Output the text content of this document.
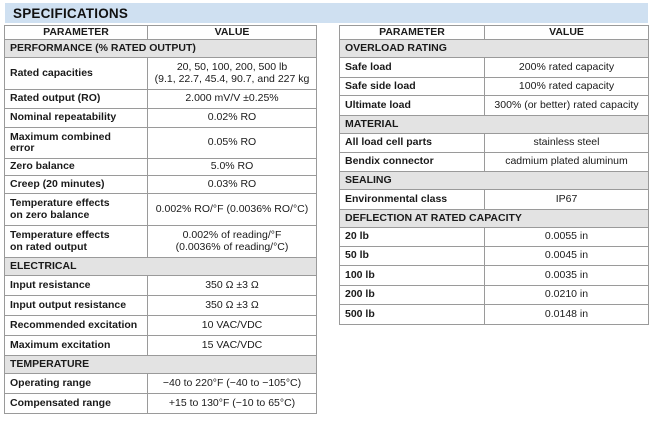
SPECIFICATIONS
PARAMETER	VALUE
PERFORMANCE (% RATED OUTPUT)	
Rated capacities	20, 50, 100, 200, 500 lb
(9.1, 22.7, 45.4, 90.7, and 227 kg
Rated output (RO)	2.000 mV/V ±0.25%
Nominal repeatability	0.02% RO
Maximum combined
error	0.05% RO
Zero balance	5.0% RO
Creep (20 minutes)	0.03% RO
Temperature effects
on zero balance	0.002% RO/°F (0.0036% RO/°C)
Temperature effects
on rated output	0.002% of reading/°F
(0.0036% of reading/°C)
ELECTRICAL	
Input resistance	350 Ω ±3 Ω
Input output resistance	350 Ω ±3 Ω
Recommended excitation	10 VAC/VDC
Maximum excitation	15 VAC/VDC
TEMPERATURE	
Operating range	−40 to 220°F (−40 to −105°C)
Compensated range	+15 to 130°F (−10 to 65°C)
PARAMETER	VALUE
OVERLOAD RATING	
Safe load	200% rated capacity
Safe side load	100% rated capacity
Ultimate load	300% (or better) rated capacity
MATERIAL	
All load cell parts	stainless steel
Bendix connector	cadmium plated aluminum
SEALING	
Environmental class	IP67
DEFLECTION AT RATED CAPACITY	
20 lb	0.0055 in
50 lb	0.0045 in
100 lb	0.0035 in
200 lb	0.0210 in
500 lb	0.0148 in
